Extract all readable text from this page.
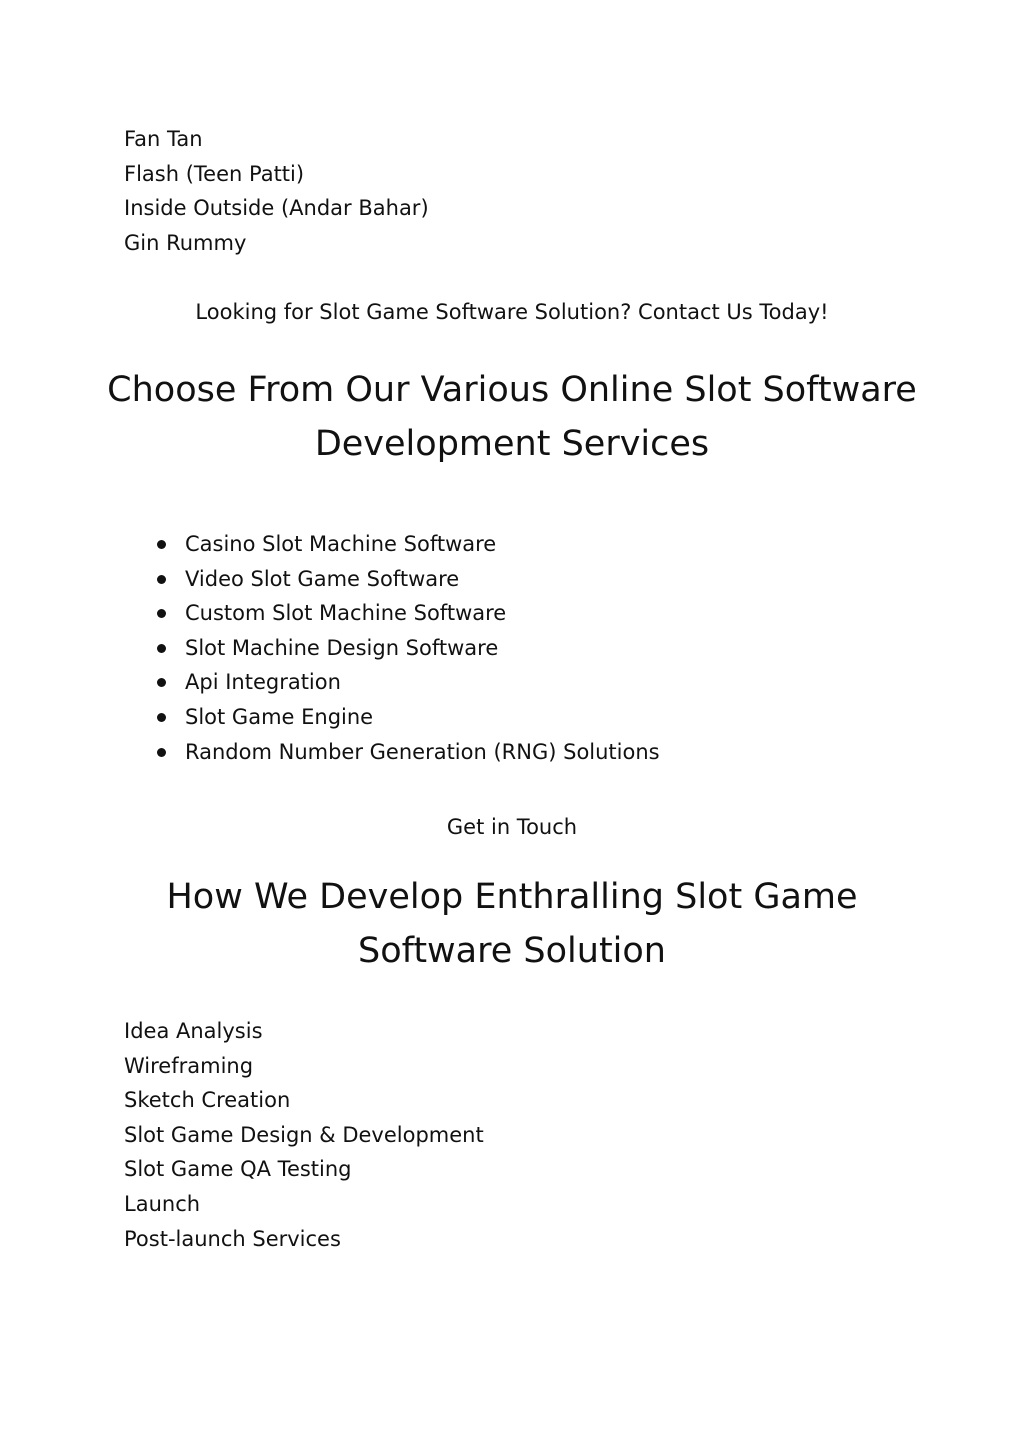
Fan Tan
Flash (Teen Patti)
Inside Outside (Andar Bahar)
Gin Rummy
Looking for Slot Game Software Solution? Contact Us Today!
Choose From Our Various Online Slot Software Development Services
Casino Slot Machine Software
Video Slot Game Software
Custom Slot Machine Software
Slot Machine Design Software
Api Integration
Slot Game Engine
Random Number Generation (RNG) Solutions
Get in Touch
How We Develop Enthralling Slot Game Software Solution
Idea Analysis
Wireframing
Sketch Creation
Slot Game Design & Development
Slot Game QA Testing
Launch
Post-launch Services
